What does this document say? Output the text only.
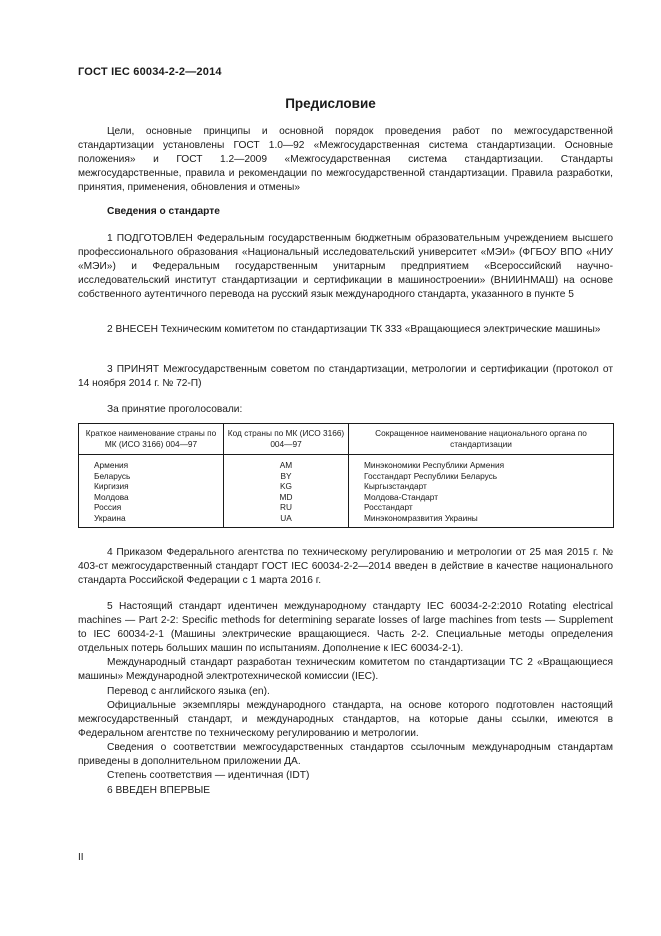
ГОСТ IEC 60034-2-2—2014
Предисловие
Цели, основные принципы и основной порядок проведения работ по межгосударственной стандартизации установлены ГОСТ 1.0—92 «Межгосударственная система стандартизации. Основные положения» и ГОСТ 1.2—2009 «Межгосударственная система стандартизации. Стандарты межгосударственные, правила и рекомендации по межгосударственной стандартизации. Правила разработки, принятия, применения, обновления и отмены»
Сведения о стандарте
1 ПОДГОТОВЛЕН Федеральным государственным бюджетным образовательным учреждением высшего профессионального образования «Национальный исследовательский университет «МЭИ» (ФГБОУ ВПО «НИУ «МЭИ») и Федеральным государственным унитарным предприятием «Всероссийский научно-исследовательский институт стандартизации и сертификации в машиностроении» (ВНИИНМАШ) на основе собственного аутентичного перевода на русский язык международного стандарта, указанного в пункте 5
2 ВНЕСЕН Техническим комитетом по стандартизации ТК 333 «Вращающиеся электрические машины»
3 ПРИНЯТ Межгосударственным советом по стандартизации, метрологии и сертификации (протокол от 14 ноября 2014 г. № 72-П)
За принятие проголосовали:
Краткое наименование страны по МК (ИСО 3166) 004—97	Код страны по МК (ИСО 3166) 004—97	Сокращенное наименование национального органа по стандартизации
Армения	AM	Минэкономики Республики Армения
Беларусь	BY	Госстандарт Республики Беларусь
Киргизия	KG	Кыргызстандарт
Молдова	MD	Молдова-Стандарт
Россия	RU	Росстандарт
Украина	UA	Минэкономразвития Украины
4 Приказом Федерального агентства по техническому регулированию и метрологии от 25 мая 2015 г. № 403-ст межгосударственный стандарт ГОСТ IEC 60034-2-2—2014 введен в действие в качестве национального стандарта Российской Федерации с 1 марта 2016 г.

5 Настоящий стандарт идентичен международному стандарту IEC 60034-2-2:2010 Rotating electrical machines — Part 2-2: Specific methods for determining separate losses of large machines from tests — Supplement to IEC 60034-2-1 (Машины электрические вращающиеся. Часть 2-2. Специальные методы определения отдельных потерь больших машин по испытаниям. Дополнение к IEC 60034-2-1).

Международный стандарт разработан техническим комитетом по стандартизации ТС 2 «Вращающиеся машины» Международной электротехнической комиссии (IEC).

Перевод с английского языка (en).

Официальные экземпляры международного стандарта, на основе которого подготовлен настоящий межгосударственный стандарт, и международных стандартов, на которые даны ссылки, имеются в Федеральном агентстве по техническому регулированию и метрологии.

Сведения о соответствии межгосударственных стандартов ссылочным международным стандартам приведены в дополнительном приложении ДА.

Степень соответствия — идентичная (IDT)

6 ВВЕДЕН ВПЕРВЫЕ
II
